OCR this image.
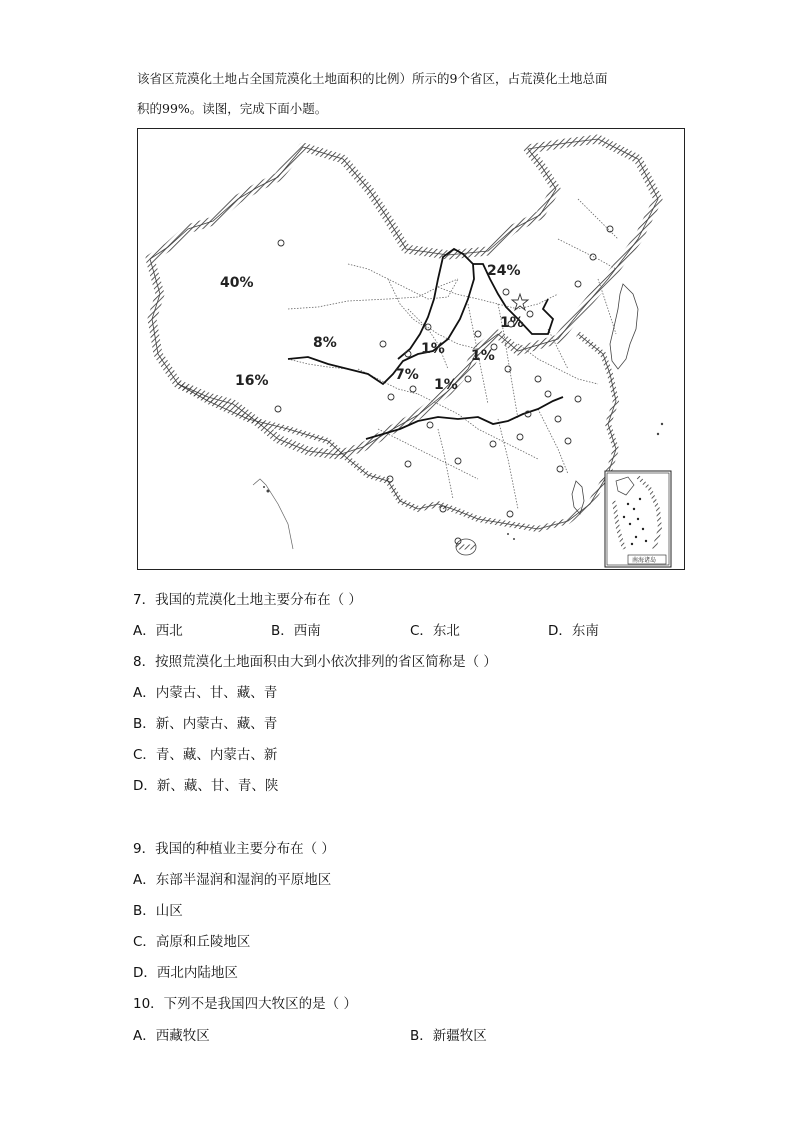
该省区荒漠化土地占全国荒漠化土地面积的比例）所示的9个省区，占荒漠化土地总面
积的99%。读图，完成下面小题。
40%
24%
16%
8%
7%
1%
1%
1%
1%
南海诸岛
7．我国的荒漠化土地主要分布在（ ）
A．西北	B．西南	C．东北	D．东南
8．按照荒漠化土地面积由大到小依次排列的省区简称是（ ）
A．内蒙古、甘、藏、青
B．新、内蒙古、藏、青
C．青、藏、内蒙古、新
D．新、藏、甘、青、陕
9．我国的种植业主要分布在（ ）
A．东部半湿润和湿润的平原地区
B．山区
C．高原和丘陵地区
D．西北内陆地区
10．下列不是我国四大牧区的是（ ）
A．西藏牧区	B．新疆牧区
